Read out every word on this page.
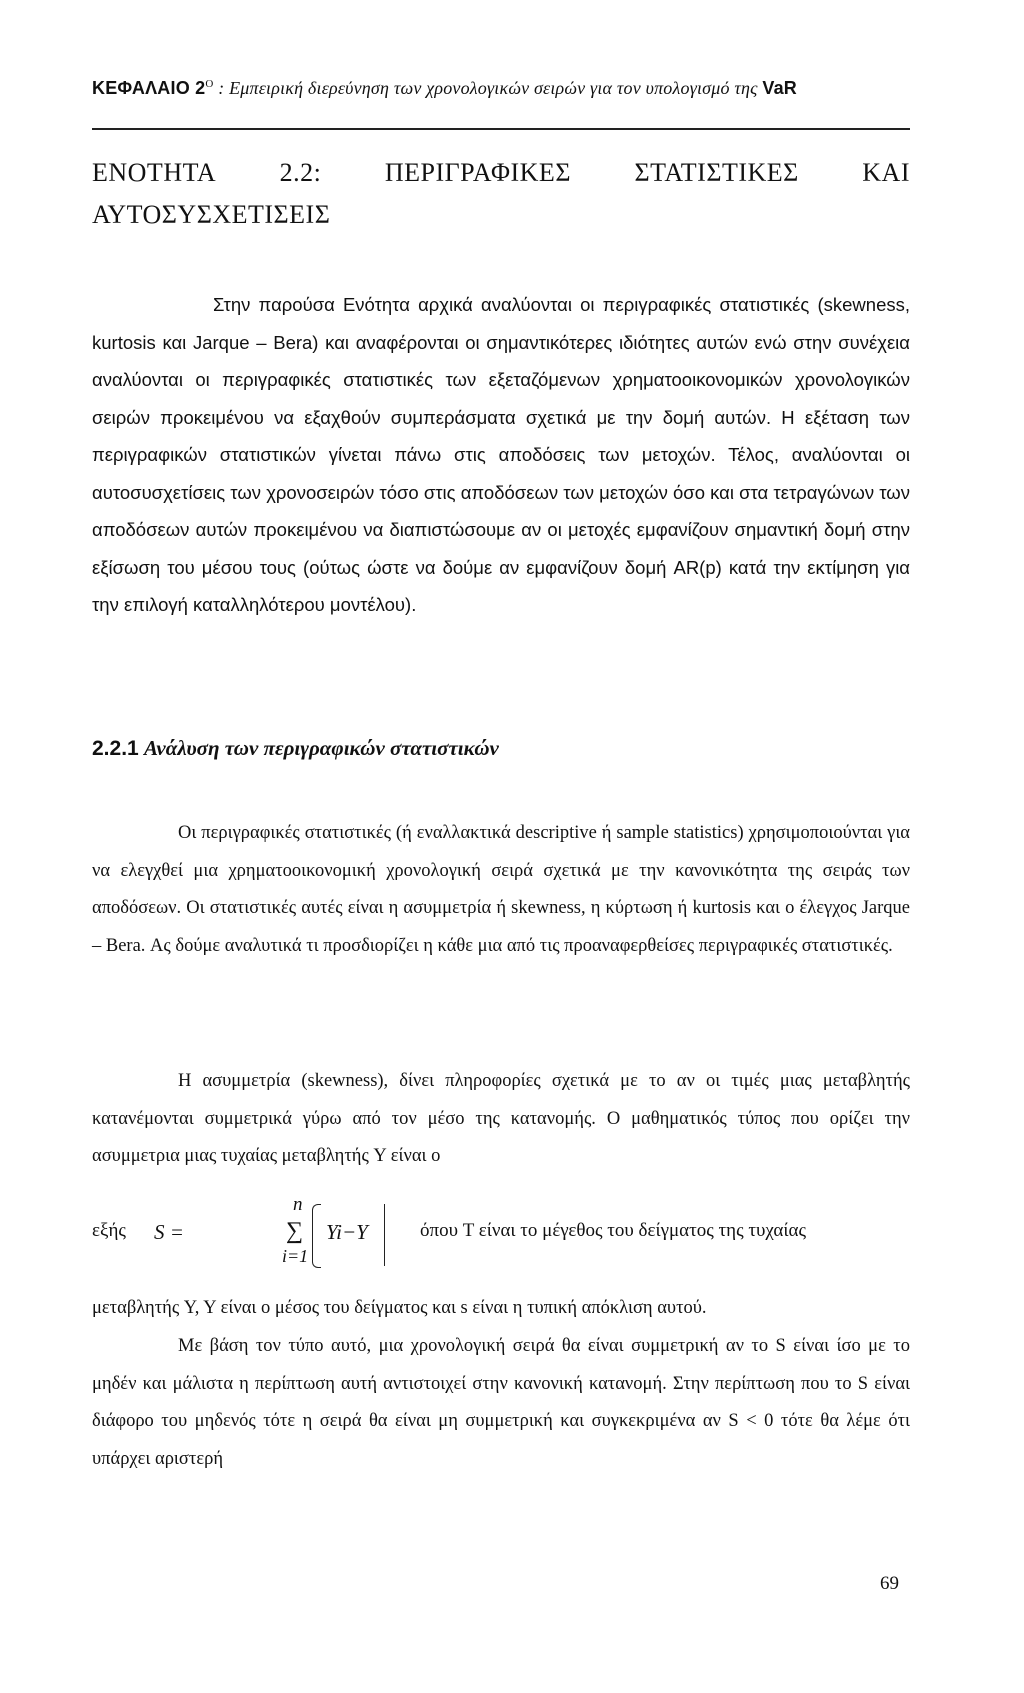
ΚΕΦΑΛΑΙΟ $2^O$ : Εμπειρική διερεύνηση των χρονολογικών σειρών για τον υπολογισμό της VaR
ΕΝΟΤΗΤΑ 2.2: ΠΕΡΙΓΡΑΦΙΚΕΣ ΣΤΑΤΙΣΤΙΚΕΣ ΚΑΙ
ΑΥΤΟΣΥΣΧΕΤΙΣΕΙΣ

Στην παρούσα Ενότητα αρχικά αναλύονται οι περιγραφικές στατιστικές (skewness, kurtosis και Jarque – Bera) και αναφέρονται οι σημαντικότερες ιδιότητες αυτών ενώ στην συνέχεια αναλύονται οι περιγραφικές στατιστικές των εξεταζόμενων χρηματοοικονομικών χρονολογικών σειρών προκειμένου να εξαχθούν συμπεράσματα σχετικά με την δομή αυτών. Η εξέταση των περιγραφικών στατιστικών γίνεται πάνω στις αποδόσεις των μετοχών. Τέλος, αναλύονται οι αυτοσυσχετίσεις των χρονοσειρών τόσο στις αποδόσεων των μετοχών όσο και στα τετραγώνων των αποδόσεων αυτών προκειμένου να διαπιστώσουμε αν οι μετοχές εμφανίζουν σημαντική δομή στην εξίσωση του μέσου τους (ούτως ώστε να δούμε αν εμφανίζουν δομή AR(p) κατά την εκτίμηση για την επιλογή καταλληλότερου μοντέλου).

2.2.1 Ανάλυση των περιγραφικών στατιστικών

Οι περιγραφικές στατιστικές (ή εναλλακτικά descriptive ή sample statistics) χρησιμοποιούνται για να ελεγχθεί μια χρηματοοικονομική χρονολογική σειρά σχετικά με την κανονικότητα της σειράς των αποδόσεων. Οι στατιστικές αυτές είναι η ασυμμετρία ή skewness, η κύρτωση ή kurtosis και ο έλεγχος Jarque – Bera. Ας δούμε αναλυτικά τι προσδιορίζει η κάθε μια από τις προαναφερθείσες περιγραφικές στατιστικές.

Η ασυμμετρία (skewness), δίνει πληροφορίες σχετικά με το αν οι τιμές μιας μεταβλητής κατανέμονται συμμετρικά γύρω από τον μέσο της κατανομής. Ο μαθηματικός τύπος που ορίζει την ασυμμετρια μιας τυχαίας μεταβλητής Y είναι ο

εξής S =
n
∑
i=1
Yi−Y	όπου T είναι το μέγεθος του δείγματος της τυχαίας

μεταβλητής Y, Y είναι ο μέσος του δείγματος και s είναι η τυπική απόκλιση αυτού.

Με βάση τον τύπο αυτό, μια χρονολογική σειρά θα είναι συμμετρική αν το S είναι ίσο με το μηδέν και μάλιστα η περίπτωση αυτή αντιστοιχεί στην κανονική κατανομή. Στην περίπτωση που το S είναι διάφορο του μηδενός τότε η σειρά θα είναι μη συμμετρική και συγκεκριμένα αν S < 0 τότε θα λέμε ότι υπάρχει αριστερή

69
